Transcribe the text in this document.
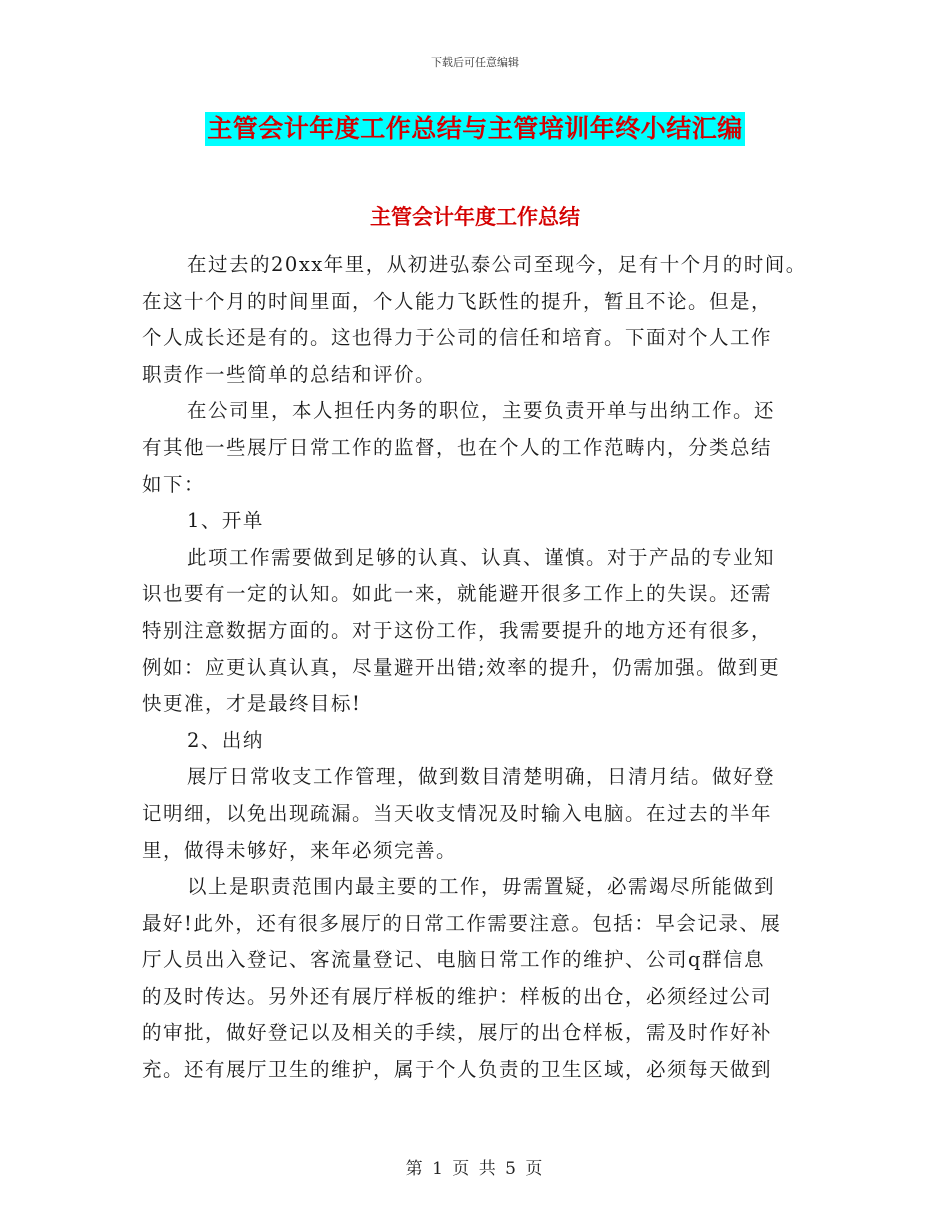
下载后可任意编辑
主管会计年度工作总结与主管培训年终小结汇编
主管会计年度工作总结

在过去的20xx年里，从初进弘泰公司至现今，足有十个月的时间。

在这十个月的时间里面，个人能力飞跃性的提升，暂且不论。但是，

个人成长还是有的。这也得力于公司的信任和培育。下面对个人工作

职责作一些简单的总结和评价。

在公司里，本人担任内务的职位，主要负责开单与出纳工作。还

有其他一些展厅日常工作的监督，也在个人的工作范畴内，分类总结

如下：

1、开单

此项工作需要做到足够的认真、认真、谨慎。对于产品的专业知

识也要有一定的认知。如此一来，就能避开很多工作上的失误。还需

特别注意数据方面的。对于这份工作，我需要提升的地方还有很多，

例如：应更认真认真，尽量避开出错;效率的提升，仍需加强。做到更

快更准，才是最终目标!

2、出纳

展厅日常收支工作管理，做到数目清楚明确，日清月结。做好登

记明细，以免出现疏漏。当天收支情况及时输入电脑。在过去的半年

里，做得未够好，来年必须完善。

以上是职责范围内最主要的工作，毋需置疑，必需竭尽所能做到

最好!此外，还有很多展厅的日常工作需要注意。包括：早会记录、展

厅人员出入登记、客流量登记、电脑日常工作的维护、公司q群信息

的及时传达。另外还有展厅样板的维护：样板的出仓，必须经过公司

的审批，做好登记以及相关的手续，展厅的出仓样板，需及时作好补

充。还有展厅卫生的维护，属于个人负责的卫生区域，必须每天做到

第 1 页 共 5 页
